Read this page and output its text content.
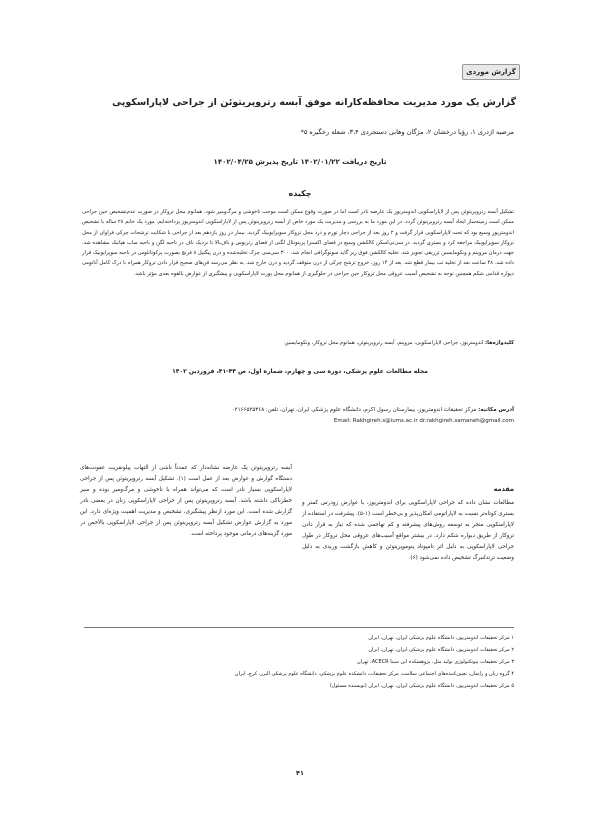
گزارش موردی
گزارش یک مورد مدیریت محافظه‌کارانه موفق آبسه رتروپریتوئن از جراحی لاپاراسکوپی

مرضیه اژدری ۱، رؤیا درخشان ۲، مژگان وهابی دستجردی ۳،۴، شعله رخگیره ۵*

تاریخ دریافت ۱۴۰۲/۰۱/۲۲ تاریخ پذیرش ۱۴۰۲/۰۴/۲۵

چکیده

تشکیل آبسه رتروپریتوئن پس از لاپاراسکوپی اندومتریوز یک عارضه نادر است اما در صورت وقوع ممکن است موجب ناخوشی و مرگ‌ومیر شود. همانوم محل تروکار در صورت عدم‌تشخیص حین جراحی ممکن است زمینه‌ساز ایجاد آبسه رتروپریتوئن گردد. در این مورد ما به بررسی و مدیریت یک مورد خاص از آبسه رتروپریتوئن پس از لاپاراسکوپی اندومتریوز پرداخته‌ایم. مورد یک خانم ۲۸ ساله با تشخیص اندومتریوز وسیع بود که تحت لاپاراسکوپی قرار گرفت و ۲ روز بعد از جراحی دچار تورم و درد محل تروکار سوپراپوبیک گردید. بیمار در روز یازدهم بعد از جراحی با شکایت ترشحات چرکی فراوان از محل تروکار سوپراپوبیک مراجعه کرد و بستری گردید. در سی‌تی‌اسکن کالکشن وسیع در فضای اکسترا پریتونئال لگنی از فضای رتزیوس و ناف‌بالا تا نزدیک ناف در ناحیه لگن و ناحیه ساب هپاتیک مشاهده شد. جهت درمان مروپنم و ونکومایسین تزریقی تجویز شد. تخلیه کالکشن فوق زیر گاید سونوگرافی انجام شد. ۳۰۰ سی‌سی چرک تخلیه‌شده و درن پیگتیل ۸ فرنچ بصورت پرکوتانئوس در ناحیه سوپراپوبیک قرار داده شد. ۴۸ ساعت بعد از تخلیه تب بیمار قطع شد. بعد از ۱۴ روز، خروج ترشح چرکی از درن متوقف گردید و درن خارج شد. به نظر می‌رسد فن‌های صحیح قرار دادن تروکار همراه با درک کامل آناتومی دیواره قدامی شکم همچنین توجه به تشخیص آسیب عروقی محل تروکار حین جراحی در جلوگیری از همانوم محل پورت لاپاراسکوپی و پیشگیری از عوارض بالقوه بعدی مؤثر باشد.

کلیدواژه‌ها: اندومتریوز، جراحی لاپاراسکوپی، مروپنم، آبسه رتروپریتوئن، همانوم محل تروکار، ونکومایسین

مجله مطالعات علوم پزشکی، دوره سی و چهارم، شماره اول، ص ۴۴-۴۱، فروردین ۱۴۰۲

آدرس مکاتبه: مرکز تحقیقات اندومتریوز، بیمارستان رسول اکرم، دانشگاه علوم پزشکی ایران، تهران، تلفن: ۰۲۱۶۶۵۲۵۳۶۸

Email: Rakhgireh.s@iums.ac.ir dr.rakhgireh.samaneh@gmail.com

مقدمه

مطالعات نشان داده که جراحی لاپاراسکوپی برای اندومتریوز، با عوارض زودرس کمتر و بستری کوتاه‌تر نسبت به لاپاراتومی امکان‌پذیر و بی‌خطر است (۱-۵). پیشرفت در استفاده از لاپاراسکوپی منجر به توسعه روش‌های پیشرفته و کم تهاجمی شده که نیاز به قرار دادن تروکار از طریق دیواره شکم دارد. در بیشتر مواقع آسیب‌های عروقی محل تروکار در طول جراحی لاپاراسکوپی به دلیل اثر تامپوناد پنوموپریتوئن و کاهش بازگشت وریدی به دلیل وضعیت ترندلنبرگ تشخیص داده نمی‌شود (۶).

آبسه رتروپریتوئن یک عارضه نشانه‌دار که عمدتاً ناشی از التهاب پیلونفریت عفونت‌های دستگاه گوارش و عوارض بعد از عمل است (۱). تشکیل آبسه رتروپریتوئن پس از جراحی لاپاراسکوپی بسیار نادر است که می‌تواند همراه با ناخوشی و مرگ‌ومیر بوده و سیر خطرناکی داشته باشد. آبسه رتروپریتوئن پس از جراحی لاپاراسکوپی زنان در بعضی نادر گزارش شده است. این مورد ازنظر پیشگیری، تشخیص و مدیریت اهمیت ویژه‌ای دارد. این مورد به گزارش عوارض تشکیل آبسه رتروپریتوئن پس از جراحی لاپاراسکوپی بالأخص در مورد گزینه‌های درمانی موجود پرداخته است.

۱ مرکز تحقیقات اندومتریوز، دانشگاه علوم پزشکی ایران، تهران، ایران
۲ مرکز تحقیقات اندومتریوز، دانشگاه علوم پزشکی ایران، تهران، ایران
۳ مرکز تحقیقات بیوتکنولوژی تولید مثل، پژوهشکده ابن سینا ACECR، تهران
۴ گروه زنان و زایمان، تعیین‌کننده‌های اجتماعی سلامت، مرکز تحقیقات، دانشکده علوم پزشکی، دانشگاه علوم پزشکی البرز، کرج، ایران
۵ مرکز تحقیقات اندومتریوز، دانشگاه علوم پزشکی ایران، تهران، ایران (نویسنده مسئول)
۴۱
